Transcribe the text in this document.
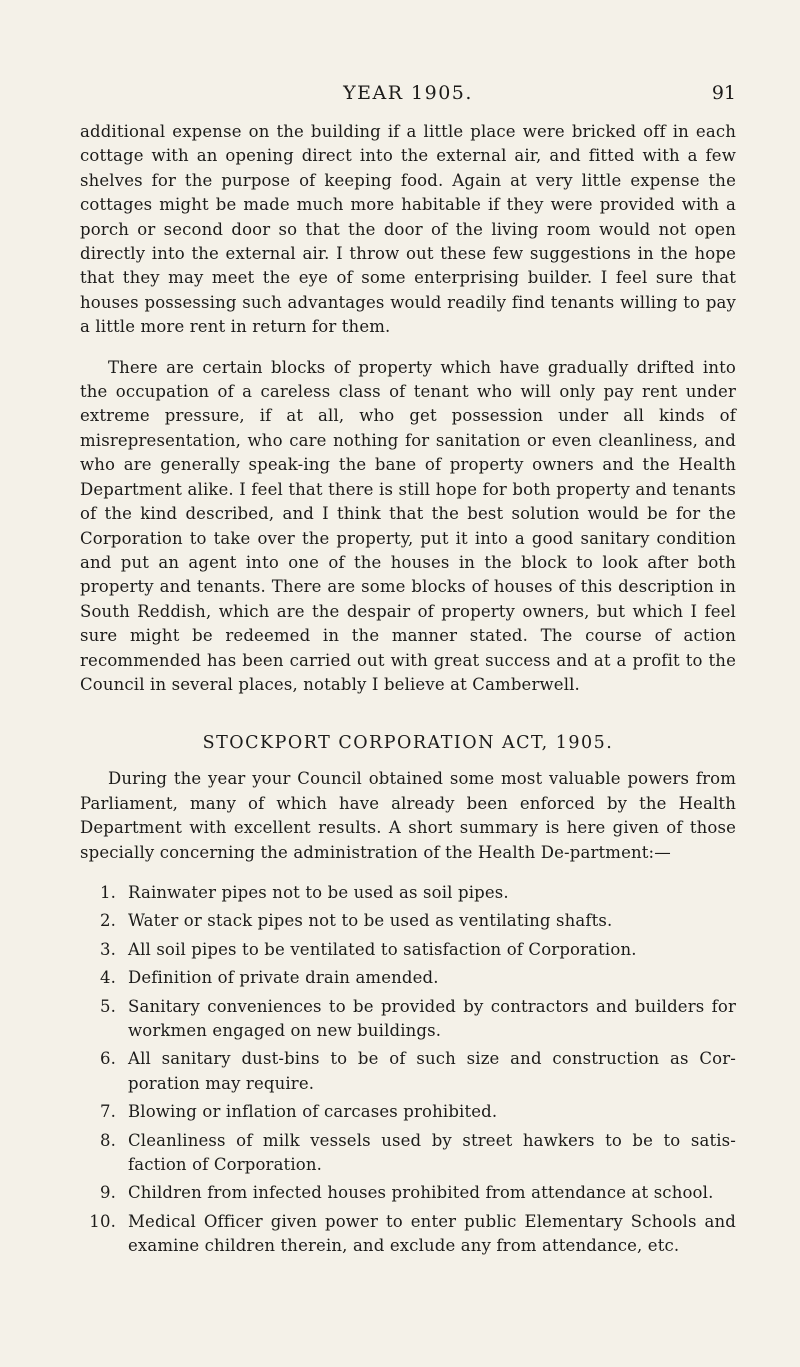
YEAR 1905.	91

additional expense on the building if a little place were bricked off in each cottage with an opening direct into the external air, and fitted with a few shelves for the purpose of keeping food. Again at very little expense the cottages might be made much more habitable if they were provided with a porch or second door so that the door of the living room would not open directly into the external air. I throw out these few suggestions in the hope that they may meet the eye of some enterprising builder. I feel sure that houses possessing such advantages would readily find tenants willing to pay a little more rent in return for them.

There are certain blocks of property which have gradually drifted into the occupation of a careless class of tenant who will only pay rent under extreme pressure, if at all, who get possession under all kinds of misrepresentation, who care nothing for sanitation or even cleanliness, and who are generally speak-ing the bane of property owners and the Health Department alike. I feel that there is still hope for both property and tenants of the kind described, and I think that the best solution would be for the Corporation to take over the property, put it into a good sanitary condition and put an agent into one of the houses in the block to look after both property and tenants. There are some blocks of houses of this description in South Reddish, which are the despair of property owners, but which I feel sure might be redeemed in the manner stated. The course of action recommended has been carried out with great success and at a profit to the Council in several places, notably I believe at Camberwell.

STOCKPORT CORPORATION ACT, 1905.

During the year your Council obtained some most valuable powers from Parliament, many of which have already been enforced by the Health Department with excellent results. A short summary is here given of those specially concerning the administration of the Health De-partment:—

1. Rainwater pipes not to be used as soil pipes.
2. Water or stack pipes not to be used as ventilating shafts.
3. All soil pipes to be ventilated to satisfaction of Corporation.
4. Definition of private drain amended.
5. Sanitary conveniences to be provided by contractors and builders for workmen engaged on new buildings.
6. All sanitary dust-bins to be of such size and construction as Cor-poration may require.
7. Blowing or inflation of carcases prohibited.
8. Cleanliness of milk vessels used by street hawkers to be to satis-faction of Corporation.
9. Children from infected houses prohibited from attendance at school.
10. Medical Officer given power to enter public Elementary Schools and examine children therein, and exclude any from attendance, etc.
